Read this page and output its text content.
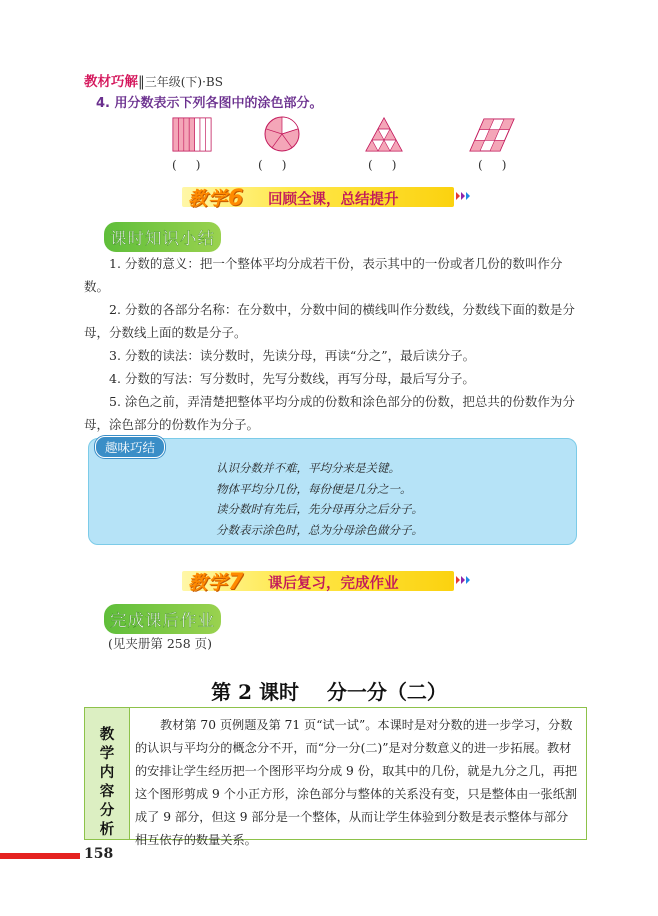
教材巧解‖三年级(下)·BS
4. 用分数表示下列各图中的涂色部分。
(     )	(     )	(     )	(     )
教学6 回顾全课，总结提升
课时知识小结

1. 分数的意义：把一个整体平均分成若干份，表示其中的一份或者几份的数叫作分数。

2. 分数的各部分名称：在分数中，分数中间的横线叫作分数线，分数线下面的数是分母，分数线上面的数是分子。

3. 分数的读法：读分数时，先读分母，再读“分之”，最后读分子。

4. 分数的写法：写分数时，先写分数线，再写分母，最后写分子。

5. 涂色之前，弄清楚把整体平均分成的份数和涂色部分的份数，把总共的份数作为分母，涂色部分的份数作为分子。

趣味巧结
认识分数并不难，平均分来是关键。
物体平均分几份，每份便是几分之一。
读分数时有先后，先分母再分之后分子。
分数表示涂色时，总为分母涂色做分子。
教学7 课后复习，完成作业
完成课后作业
(见夹册第 258 页)
第 2 课时    分一分（二）
教学内容分析
教材第 70 页例题及第 71 页“试一试”。本课时是对分数的进一步学习，分数的认识与平均分的概念分不开，而“分一分(二)”是对分数意义的进一步拓展。教材的安排让学生经历把一个图形平均分成 9 份，取其中的几份，就是九分之几，再把这个图形剪成 9 个小正方形，涂色部分与整体的关系没有变，只是整体由一张纸割成了 9 部分，但这 9 部分是一个整体，从而让学生体验到分数是表示整体与部分相互依存的数量关系。
158
